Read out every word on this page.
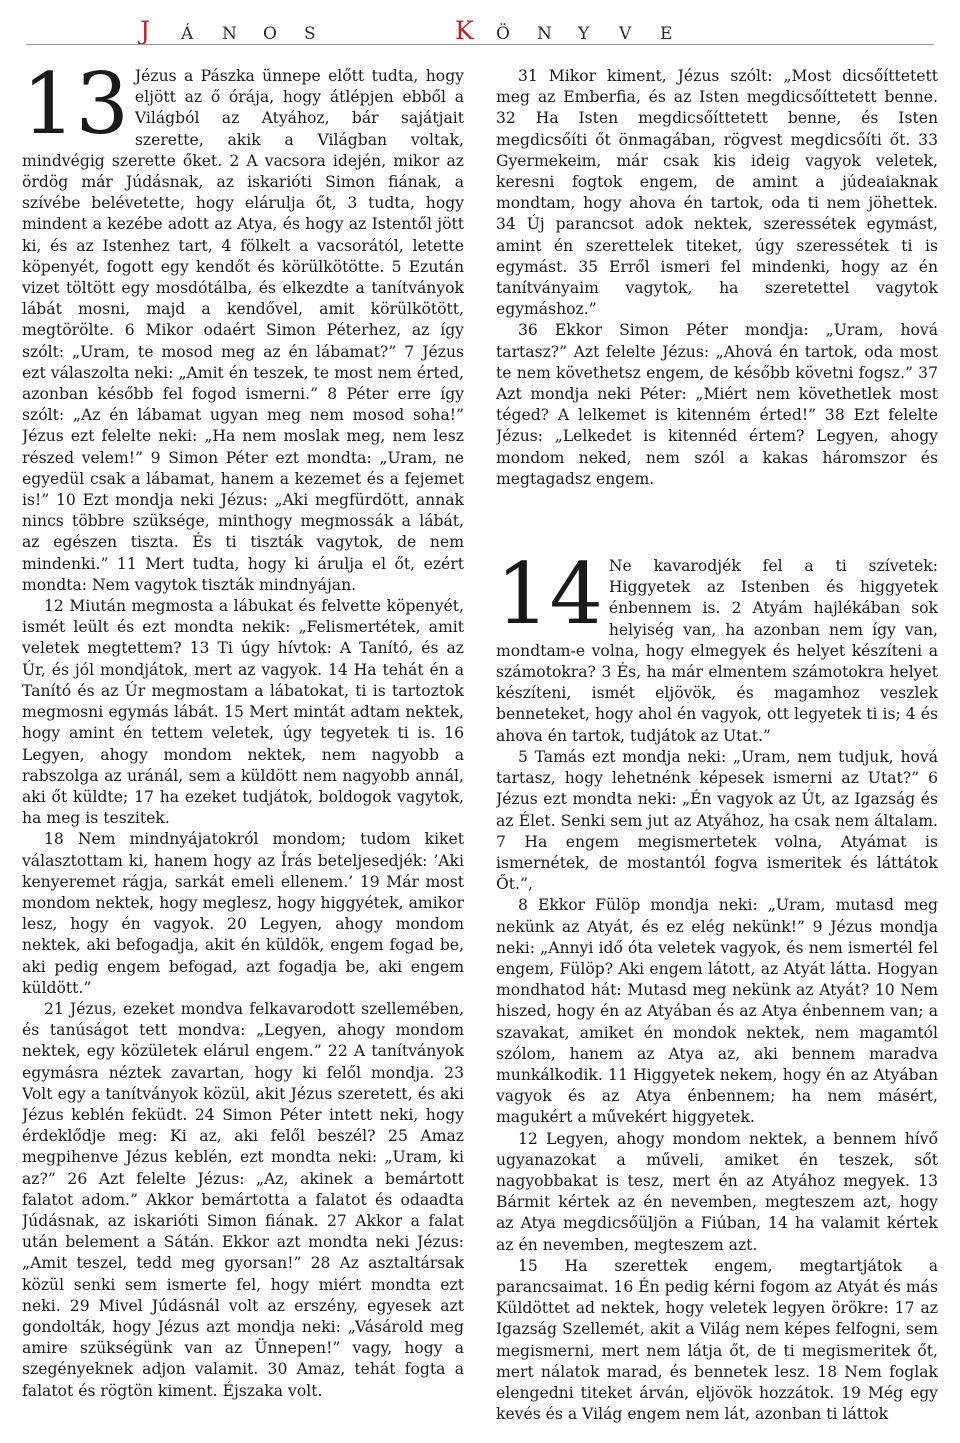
J	Á	N	O	S	K	Ö	N	Y	V	E

13 Jézus a Pászka ünnepe előtt tudta, hogy eljött az ő órája, hogy átlépjen ebből a Világból az Atyához, bár sajátjait szerette, akik a Világban voltak, mindvégig szerette őket. 2 A vacsora idején, mikor az ördög már Júdásnak, az iskarióti Simon fiának, a szívébe belévetette, hogy elárulja őt, 3 tudta, hogy mindent a kezébe adott az Atya, és hogy az Istentől jött ki, és az Istenhez tart, 4 fölkelt a vacsorától, letette köpenyét, fogott egy kendőt és körülkötötte. 5 Ezután vizet töltött egy mosdótálba, és elkezdte a tanítványok lábát mosni, majd a kendővel, amit körülkötött, megtörölte. 6 Mikor odaért Simon Péterhez, az így szólt: „Uram, te mosod meg az én lábamat?” 7 Jézus ezt válaszolta neki: „Amit én teszek, te most nem érted, azonban később fel fogod ismerni.” 8 Péter erre így szólt: „Az én lábamat ugyan meg nem mosod soha!” Jézus ezt felelte neki: „Ha nem moslak meg, nem lesz részed velem!” 9 Simon Péter ezt mondta: „Uram, ne egyedül csak a lábamat, hanem a kezemet és a fejemet is!” 10 Ezt mondja neki Jézus: „Aki megfürdött, annak nincs többre szüksége, minthogy megmossák a lábát, az egészen tiszta. És ti tiszták vagytok, de nem mindenki.” 11 Mert tudta, hogy ki árulja el őt, ezért mondta: Nem vagytok tiszták mindnyájan.

12 Miután megmosta a lábukat és felvette köpenyét, ismét leült és ezt mondta nekik: „Felismertétek, amit veletek megtettem? 13 Ti úgy hívtok: A Tanító, és az Úr, és jól mondjátok, mert az vagyok. 14 Ha tehát én a Tanító és az Úr megmostam a lábatokat, ti is tartoztok megmosni egymás lábát. 15 Mert mintát adtam nektek, hogy amint én tettem veletek, úgy tegyetek ti is. 16 Legyen, ahogy mondom nektek, nem nagyobb a rabszolga az uránál, sem a küldött nem nagyobb annál, aki őt küldte; 17 ha ezeket tudjátok, boldogok vagytok, ha meg is teszitek.

18 Nem mindnyájatokról mondom; tudom kiket választottam ki, hanem hogy az Írás beteljesedjék: ’Aki kenyeremet rágja, sarkát emeli ellenem.’ 19 Már most mondom nektek, hogy meglesz, hogy higgyétek, amikor lesz, hogy én vagyok. 20 Legyen, ahogy mondom nektek, aki befogadja, akit én küldök, engem fogad be, aki pedig engem befogad, azt fogadja be, aki engem küldött.”

21 Jézus, ezeket mondva felkavarodott szellemében, és tanúságot tett mondva: „Legyen, ahogy mondom nektek, egy közületek elárul engem.” 22 A tanítványok egymásra néztek zavartan, hogy ki felől mondja. 23 Volt egy a tanítványok közül, akit Jézus szeretett, és aki Jézus keblén feküdt. 24 Simon Péter intett neki, hogy érdeklődje meg: Ki az, aki felől beszél? 25 Amaz megpihenve Jézus keblén, ezt mondta neki: „Uram, ki az?” 26 Azt felelte Jézus: „Az, akinek a bemártott falatot adom.” Akkor bemártotta a falatot és odaadta Júdásnak, az iskarióti Simon fiának. 27 Akkor a falat után belement a Sátán. Ekkor azt mondta neki Jézus: „Amit teszel, tedd meg gyorsan!” 28 Az asztaltársak közül senki sem ismerte fel, hogy miért mondta ezt neki. 29 Mivel Júdásnál volt az erszény, egyesek azt gondolták, hogy Jézus azt mondja neki: „Vásárold meg amire szükségünk van az Ünnepen!” vagy, hogy a szegényeknek adjon valamit. 30 Amaz, tehát fogta a falatot és rögtön kiment. Éjszaka volt.

31 Mikor kiment, Jézus szólt: „Most dicsőíttetett meg az Emberfia, és az Isten megdicsőíttetett benne. 32 Ha Isten megdicsőíttetett benne, és Isten megdicsőíti őt önmagában, rögvest megdicsőíti őt. 33 Gyermekeim, már csak kis ideig vagyok veletek, keresni fogtok engem, de amint a júdeaiaknak mondtam, hogy ahova én tartok, oda ti nem jöhettek. 34 Új parancsot adok nektek, szeressétek egymást, amint én szerettelek titeket, úgy szeressétek ti is egymást. 35 Erről ismeri fel mindenki, hogy az én tanítványaim vagytok, ha szeretettel vagytok egymáshoz.”

36 Ekkor Simon Péter mondja: „Uram, hová tartasz?” Azt felelte Jézus: „Ahová én tartok, oda most te nem követhetsz engem, de később követni fogsz.” 37 Azt mondja neki Péter: „Miért nem követhetlek most téged? A lelkemet is kitenném érted!” 38 Ezt felelte Jézus: „Lelkedet is kitennéd értem? Legyen, ahogy mondom neked, nem szól a kakas háromszor és megtagadsz engem.

14 Ne kavarodjék fel a ti szívetek: Higgyetek az Istenben és higgyetek énbennem is. 2 Atyám hajlékában sok helyiség van, ha azonban nem így van, mondtam-e volna, hogy elmegyek és helyet készíteni a számotokra? 3 És, ha már elmentem számotokra helyet készíteni, ismét eljövök, és magamhoz veszlek benneteket, hogy ahol én vagyok, ott legyetek ti is; 4 és ahova én tartok, tudjátok az Utat.”

5 Tamás ezt mondja neki: „Uram, nem tudjuk, hová tartasz, hogy lehetnénk képesek ismerni az Utat?” 6 Jézus ezt mondta neki: „Én vagyok az Út, az Igazság és az Élet. Senki sem jut az Atyához, ha csak nem általam. 7 Ha engem megismertetek volna, Atyámat is ismernétek, de mostantól fogva ismeritek és láttátok Őt.”,

8 Ekkor Fülöp mondja neki: „Uram, mutasd meg nekünk az Atyát, és ez elég nekünk!” 9 Jézus mondja neki: „Annyi idő óta veletek vagyok, és nem ismertél fel engem, Fülöp? Aki engem látott, az Atyát látta. Hogyan mondhatod hát: Mutasd meg nekünk az Atyát? 10 Nem hiszed, hogy én az Atyában és az Atya énbennem van; a szavakat, amiket én mondok nektek, nem magamtól szólom, hanem az Atya az, aki bennem maradva munkálkodik. 11 Higgyetek nekem, hogy én az Atyában vagyok és az Atya énbennem; ha nem másért, magukért a művekért higgyetek.

12 Legyen, ahogy mondom nektek, a bennem hívő ugyanazokat a műveli, amiket én teszek, sőt nagyobbakat is tesz, mert én az Atyához megyek. 13 Bármit kértek az én nevemben, megteszem azt, hogy az Atya megdicsőüljön a Fiúban, 14 ha valamit kértek az én nevemben, megteszem azt.

15 Ha szerettek engem, megtartjátok a parancsaimat. 16 Én pedig kérni fogom az Atyát és más Küldöttet ad nektek, hogy veletek legyen örökre: 17 az Igazság Szellemét, akit a Világ nem képes felfogni, sem megismerni, mert nem látja őt, de ti megismeritek őt, mert nálatok marad, és bennetek lesz. 18 Nem foglak elengedni titeket árván, eljövök hozzátok. 19 Még egy kevés és a Világ engem nem lát, azonban ti láttok
